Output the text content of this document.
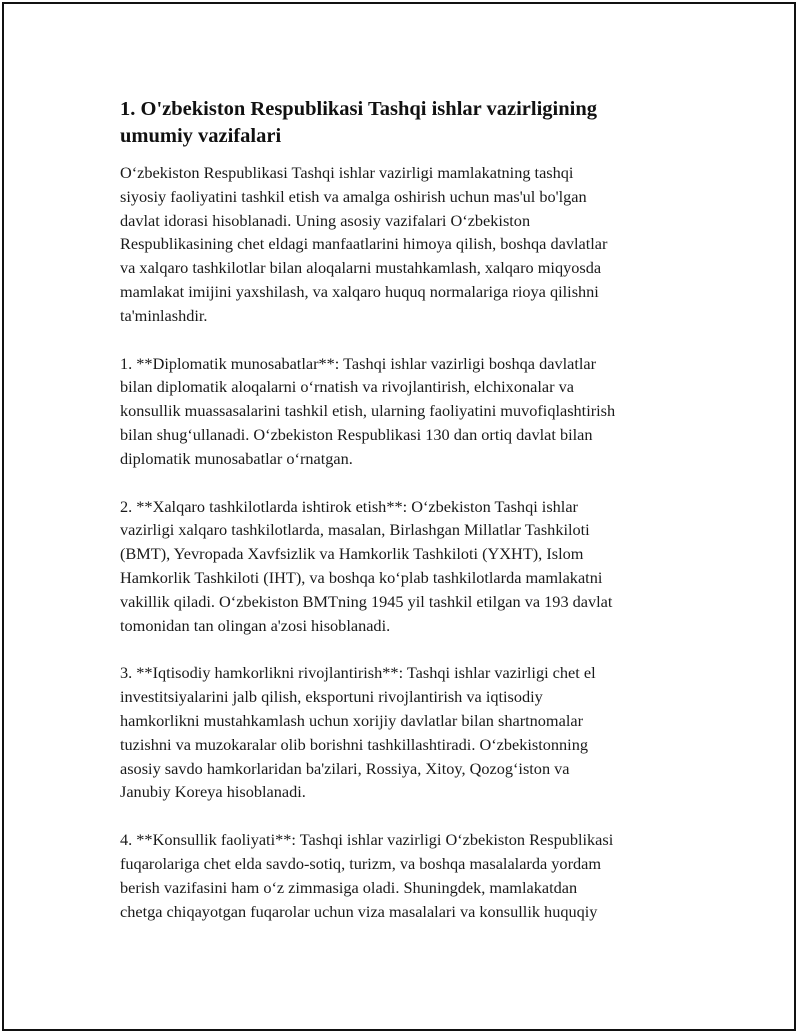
1. O'zbekiston Respublikasi Tashqi ishlar vazirligining
umumiy vazifalari

O‘zbekiston Respublikasi Tashqi ishlar vazirligi mamlakatning tashqi
siyosiy faoliyatini tashkil etish va amalga oshirish uchun mas'ul bo'lgan
davlat idorasi hisoblanadi. Uning asosiy vazifalari O‘zbekiston
Respublikasining chet eldagi manfaatlarini himoya qilish, boshqa davlatlar
va xalqaro tashkilotlar bilan aloqalarni mustahkamlash, xalqaro miqyosda
mamlakat imijini yaxshilash, va xalqaro huquq normalariga rioya qilishni
ta'minlashdir.

1. **Diplomatik munosabatlar**: Tashqi ishlar vazirligi boshqa davlatlar
bilan diplomatik aloqalarni o‘rnatish va rivojlantirish, elchixonalar va
konsullik muassasalarini tashkil etish, ularning faoliyatini muvofiqlashtirish
bilan shug‘ullanadi. O‘zbekiston Respublikasi 130 dan ortiq davlat bilan
diplomatik munosabatlar o‘rnatgan.

2. **Xalqaro tashkilotlarda ishtirok etish**: O‘zbekiston Tashqi ishlar
vazirligi xalqaro tashkilotlarda, masalan, Birlashgan Millatlar Tashkiloti
(BMT), Yevropada Xavfsizlik va Hamkorlik Tashkiloti (YXHT), Islom
Hamkorlik Tashkiloti (IHT), va boshqa ko‘plab tashkilotlarda mamlakatni
vakillik qiladi. O‘zbekiston BMTning 1945 yil tashkil etilgan va 193 davlat
tomonidan tan olingan a'zosi hisoblanadi.

3. **Iqtisodiy hamkorlikni rivojlantirish**: Tashqi ishlar vazirligi chet el
investitsiyalarini jalb qilish, eksportuni rivojlantirish va iqtisodiy
hamkorlikni mustahkamlash uchun xorijiy davlatlar bilan shartnomalar
tuzishni va muzokaralar olib borishni tashkillashtiradi. O‘zbekistonning
asosiy savdo hamkorlaridan ba'zilari, Rossiya, Xitoy, Qozog‘iston va
Janubiy Koreya hisoblanadi.

4. **Konsullik faoliyati**: Tashqi ishlar vazirligi O‘zbekiston Respublikasi
fuqarolariga chet elda savdo-sotiq, turizm, va boshqa masalalarda yordam
berish vazifasini ham o‘z zimmasiga oladi. Shuningdek, mamlakatdan
chetga chiqayotgan fuqarolar uchun viza masalalari va konsullik huquqiy
